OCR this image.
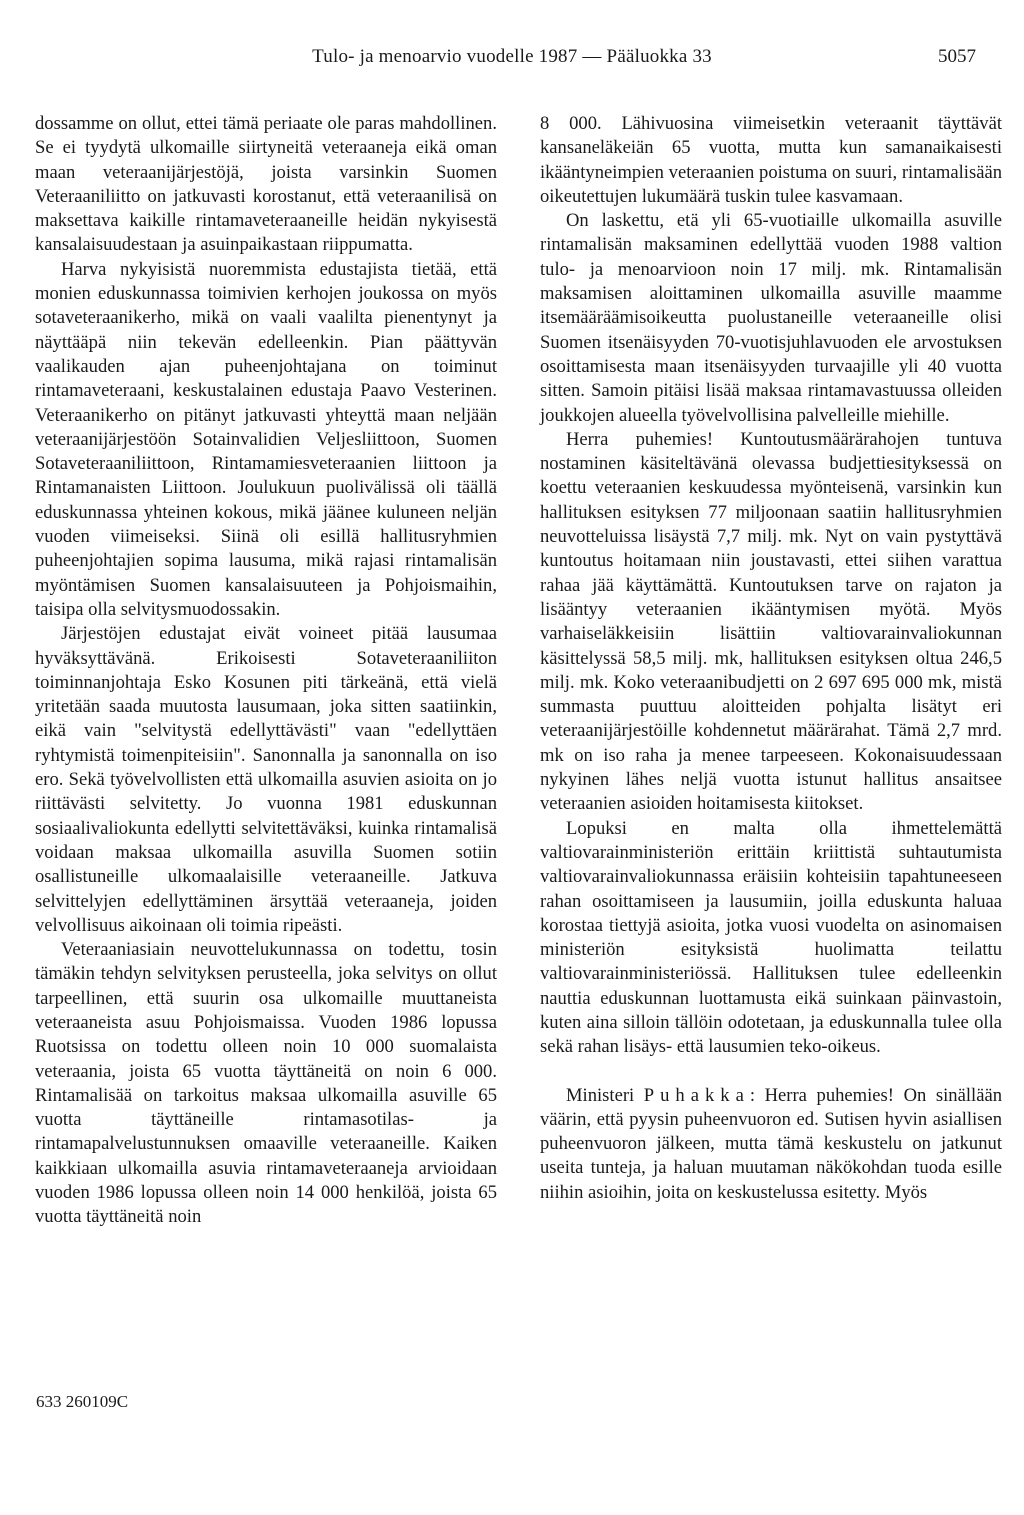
Tulo- ja menoarvio vuodelle 1987 — Pääluokka 33	5057

dossamme on ollut, ettei tämä periaate ole paras mahdollinen. Se ei tyydytä ulkomaille siirtyneitä veteraaneja eikä oman maan veteraanijärjestöjä, joista varsinkin Suomen Veteraaniliitto on jatkuvasti korostanut, että veteraanilisä on maksettava kaikille rintamaveteraaneille heidän nykyisestä kansalaisuudestaan ja asuinpaikastaan riippumatta.

Harva nykyisistä nuoremmista edustajista tietää, että monien eduskunnassa toimivien kerhojen joukossa on myös sotaveteraanikerho, mikä on vaali vaalilta pienentynyt ja näyttääpä niin tekevän edelleenkin. Pian päättyvän vaalikauden ajan puheenjohtajana on toiminut rintamaveteraani, keskustalainen edustaja Paavo Vesterinen. Veteraanikerho on pitänyt jatkuvasti yhteyttä maan neljään veteraanijärjestöön Sotainvalidien Veljesliittoon, Suomen Sotaveteraaniliittoon, Rintamamiesveteraanien liittoon ja Rintamanaisten Liittoon. Joulukuun puolivälissä oli täällä eduskunnassa yhteinen kokous, mikä jäänee kuluneen neljän vuoden viimeiseksi. Siinä oli esillä hallitusryhmien puheenjohtajien sopima lausuma, mikä rajasi rintamalisän myöntämisen Suomen kansalaisuuteen ja Pohjoismaihin, taisipa olla selvitysmuodossakin.

Järjestöjen edustajat eivät voineet pitää lausumaa hyväksyttävänä. Erikoisesti Sotaveteraaniliiton toiminnanjohtaja Esko Kosunen piti tärkeänä, että vielä yritetään saada muutosta lausumaan, joka sitten saatiinkin, eikä vain "selvitystä edellyttävästi" vaan "edellyttäen ryhtymistä toimenpiteisiin". Sanonnalla ja sanonnalla on iso ero. Sekä työvelvollisten että ulkomailla asuvien asioita on jo riittävästi selvitetty. Jo vuonna 1981 eduskunnan sosiaalivaliokunta edellytti selvitettäväksi, kuinka rintamalisä voidaan maksaa ulkomailla asuvilla Suomen sotiin osallistuneille ulkomaalaisille veteraaneille. Jatkuva selvittelyjen edellyttäminen ärsyttää veteraaneja, joiden velvollisuus aikoinaan oli toimia ripeästi.

Veteraaniasiain neuvottelukunnassa on todettu, tosin tämäkin tehdyn selvityksen perusteella, joka selvitys on ollut tarpeellinen, että suurin osa ulkomaille muuttaneista veteraaneista asuu Pohjoismaissa. Vuoden 1986 lopussa Ruotsissa on todettu olleen noin 10 000 suomalaista veteraania, joista 65 vuotta täyttäneitä on noin 6 000. Rintamalisää on tarkoitus maksaa ulkomailla asuville 65 vuotta täyttäneille rintamasotilas- ja rintamapalvelustunnuksen omaaville veteraaneille. Kaiken kaikkiaan ulkomailla asuvia rintamaveteraaneja arvioidaan vuoden 1986 lopussa olleen noin 14 000 henkilöä, joista 65 vuotta täyttäneitä noin

8 000. Lähivuosina viimeisetkin veteraanit täyttävät kansaneläkeiän 65 vuotta, mutta kun samanaikaisesti ikääntyneimpien veteraanien poistuma on suuri, rintamalisään oikeutettujen lukumäärä tuskin tulee kasvamaan.

On laskettu, etä yli 65-vuotiaille ulkomailla asuville rintamalisän maksaminen edellyttää vuoden 1988 valtion tulo- ja menoarvioon noin 17 milj. mk. Rintamalisän maksamisen aloittaminen ulkomailla asuville maamme itsemääräämisoikeutta puolustaneille veteraaneille olisi Suomen itsenäisyyden 70-vuotisjuhlavuoden ele arvostuksen osoittamisesta maan itsenäisyyden turvaajille yli 40 vuotta sitten. Samoin pitäisi lisää maksaa rintamavastuussa olleiden joukkojen alueella työvelvollisina palvelleille miehille.

Herra puhemies! Kuntoutusmäärärahojen tuntuva nostaminen käsiteltävänä olevassa budjettiesityksessä on koettu veteraanien keskuudessa myönteisenä, varsinkin kun hallituksen esityksen 77 miljoonaan saatiin hallitusryhmien neuvotteluissa lisäystä 7,7 milj. mk. Nyt on vain pystyttävä kuntoutus hoitamaan niin joustavasti, ettei siihen varattua rahaa jää käyttämättä. Kuntoutuksen tarve on rajaton ja lisääntyy veteraanien ikääntymisen myötä. Myös varhaiseläkkeisiin lisättiin valtiovarainvaliokunnan käsittelyssä 58,5 milj. mk, hallituksen esityksen oltua 246,5 milj. mk. Koko veteraanibudjetti on 2 697 695 000 mk, mistä summasta puuttuu aloitteiden pohjalta lisätyt eri veteraanijärjestöille kohdennetut määrärahat. Tämä 2,7 mrd. mk on iso raha ja menee tarpeeseen. Kokonaisuudessaan nykyinen lähes neljä vuotta istunut hallitus ansaitsee veteraanien asioiden hoitamisesta kiitokset.

Lopuksi en malta olla ihmettelemättä valtiovarainministeriön erittäin kriittistä suhtautumista valtiovarainvaliokunnassa eräisiin kohteisiin tapahtuneeseen rahan osoittamiseen ja lausumiin, joilla eduskunta haluaa korostaa tiettyjä asioita, jotka vuosi vuodelta on asinomaisen ministeriön esityksistä huolimatta teilattu valtiovarainministeriössä. Hallituksen tulee edelleenkin nauttia eduskunnan luottamusta eikä suinkaan päinvastoin, kuten aina silloin tällöin odotetaan, ja eduskunnalla tulee olla sekä rahan lisäys- että lausumien teko-oikeus.

Ministeri Puhakka: Herra puhemies! On sinällään väärin, että pyysin puheenvuoron ed. Sutisen hyvin asiallisen puheenvuoron jälkeen, mutta tämä keskustelu on jatkunut useita tunteja, ja haluan muutaman näkökohdan tuoda esille niihin asioihin, joita on keskustelussa esitetty. Myös

633 260109C
